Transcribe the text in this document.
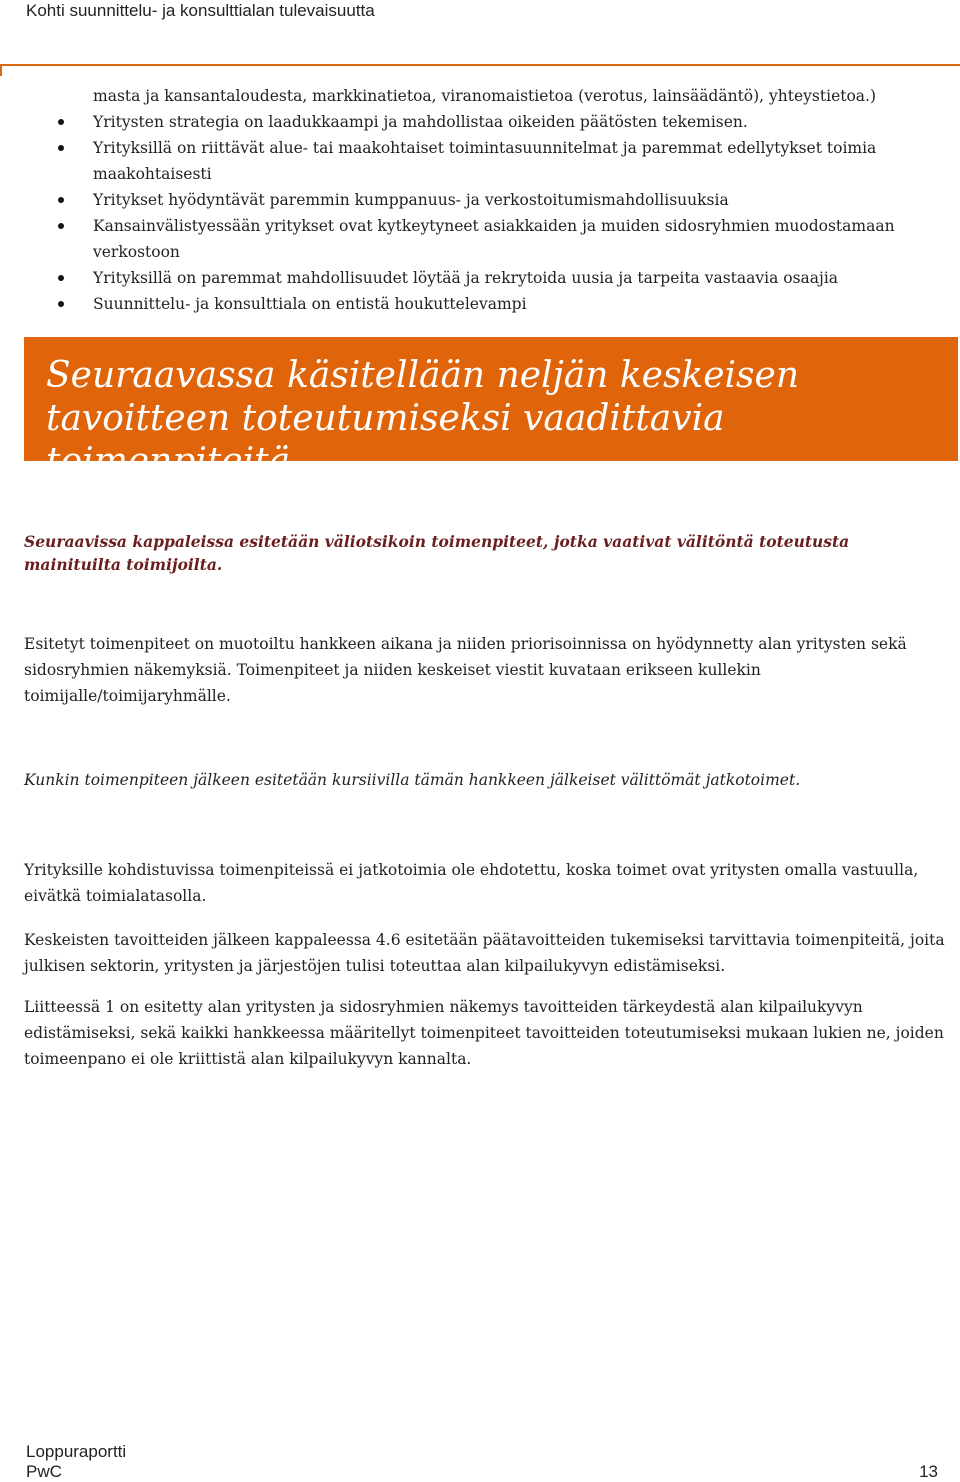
Kohti suunnittelu- ja konsulttialan tulevaisuutta
masta ja kansantaloudesta, markkinatietoa, viranomaistietoa (verotus, lainsäädäntö), yhteystietoa.)
Yritysten strategia on laadukkaampi ja mahdollistaa oikeiden päätösten tekemisen.
Yrityksillä on riittävät alue- tai maakohtaiset toimintasuunnitelmat ja paremmat edellytykset toimia maakohtaisesti
Yritykset hyödyntävät paremmin kumppanuus- ja verkostoitumismahdollisuuksia
Kansainvälistyessään yritykset ovat kytkeytyneet asiakkaiden ja muiden sidosryhmien muodostamaan verkostoon
Yrityksillä on paremmat mahdollisuudet löytää ja rekrytoida uusia ja tarpeita vastaavia osaajia
Suunnittelu- ja konsulttiala on entistä houkuttelevampi
Seuraavassa käsitellään neljän keskeisen tavoitteen toteutumiseksi vaadittavia toimenpiteitä.
Seuraavissa kappaleissa esitetään väliotsikoin toimenpiteet, jotka vaativat välitöntä toteutusta mainituilta toimijoilta.
Esitetyt toimenpiteet on muotoiltu hankkeen aikana ja niiden priorisoinnissa on hyödynnetty alan yritysten sekä sidosryhmien näkemyksiä. Toimenpiteet ja niiden keskeiset viestit kuvataan erikseen kullekin toimijalle/toimijaryhmälle.
Kunkin toimenpiteen jälkeen esitetään kursiivilla tämän hankkeen jälkeiset välittömät jatkotoimet.
Yrityksille kohdistuvissa toimenpiteissä ei jatkotoimia ole ehdotettu, koska toimet ovat yritysten omalla vastuulla, eivätkä toimialatasolla.
Keskeisten tavoitteiden jälkeen kappaleessa 4.6 esitetään päätavoitteiden tukemiseksi tarvittavia toimenpiteitä, joita julkisen sektorin, yritysten ja järjestöjen tulisi toteuttaa alan kilpailukyvyn edistämiseksi.
Liitteessä 1 on esitetty alan yritysten ja sidosryhmien näkemys tavoitteiden tärkeydestä alan kilpailukyvyn edistämiseksi, sekä kaikki hankkeessa määritellyt toimenpiteet tavoitteiden toteutumiseksi mukaan lukien ne, joiden toimeenpano ei ole kriittistä alan kilpailukyvyn kannalta.
Loppuraportti
PwC	13
